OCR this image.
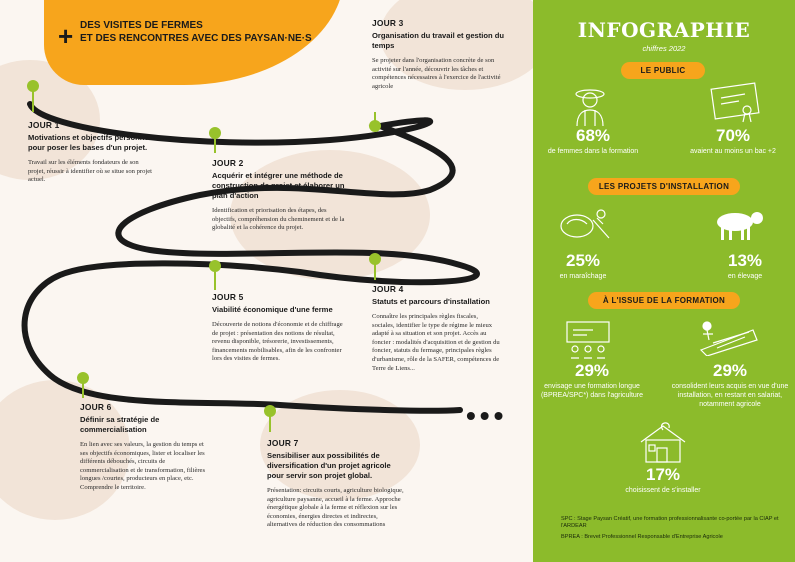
+ DES VISITES DE FERMES
ET DES RENCONTRES AVEC DES PAYSAN·NE·S
JOUR 1
Motivations et objectifs personnels pour poser les bases d'un projet.
Travail sur les éléments fondateurs de son projet, réussir à identifier où se situe son projet actuel.
JOUR 2
Acquérir et intégrer une méthode de construction de projet et élaborer un plan d'action
Identification et priorisation des étapes, des objectifs, compréhension du cheminement et de la globalité et la cohérence du projet.
JOUR 3
Organisation du travail et gestion du temps
Se projeter dans l'organisation concrète de son activité sur l'année, découvrir les tâches et compétences nécessaires à l'exercice de l'activité agricole
JOUR 4
Statuts et parcours d'installation
Connaître les principales règles fiscales, sociales, identifier le type de régime le mieux adapté à sa situation et son projet. Accès au foncier : modalités d'acquisition et de gestion du foncier, statuts du fermage, principales règles d'urbanisme, rôle de la SAFER, compétences de Terre de Liens...
JOUR 5
Viabilité économique d'une ferme
Découverte de notions d'économie et de chiffrage de projet : présentation des notions de résultat, revenu disponible, trésorerie, investissements, financements mobilisables, afin de les confronter lors des visites de fermes.
JOUR 6
Définir sa stratégie de commercialisation
En lien avec ses valeurs, la gestion du temps et ses objectifs économiques, lister et localiser les différents débouchés, circuits de commercialisation et de transformation, filières longues /courtes, producteurs en place, etc. Comprendre le territoire.
JOUR 7
Sensibiliser aux possibilités de diversification d'un projet agricole pour servir son projet global.
Présentation: circuits courts, agriculture biologique, agriculture paysanne, accueil à la ferme. Approche énergétique globale à la ferme et réflexion sur les économies, énergies directes et indirectes, alternatives de réduction des consommations
•••
INFOGRAPHIE
chiffres 2022
LE PUBLIC
68%
de femmes dans la formation
70%
avaient au moins un bac +2
LES PROJETS D'INSTALLATION
25%
en maraîchage
13%
en élevage
À L'ISSUE DE LA FORMATION
29%
envisage une formation longue (BPREA/SPC*) dans l'agriculture
29%
consolident leurs acquis en vue d'une installation, en restant en salariat, notamment agricole
17%
choisissent de s'installer
SPC : Stage Paysan Créatif, une formation professionnalisante co-portée par la CIAP et l'ARDEAR
BPREA : Brevet Professionnel Responsable d'Entreprise Agricole
